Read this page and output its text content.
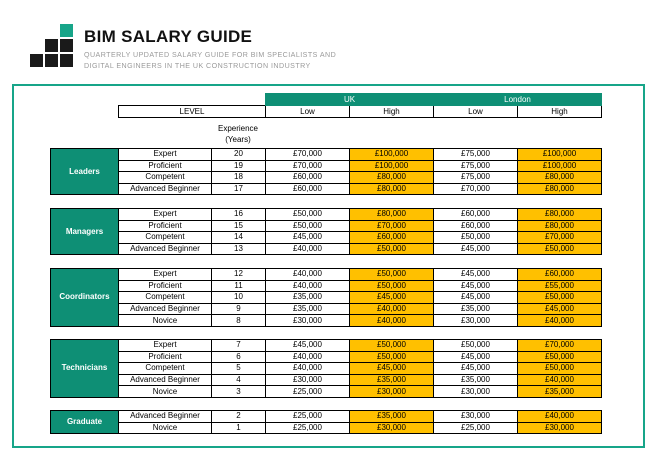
BIM SALARY GUIDE
QUARTERLY UPDATED SALARY GUIDE FOR BIM SPECIALISTS AND
DIGITAL ENGINEERS IN THE UK CONSTRUCTION INDUSTRY
	UK		London	
LEVEL	Low	High	Low	High
Experience
(Years)
Leaders	Expert	20	£70,000	£100,000	£75,000	£100,000
	Proficient	19	£70,000	£100,000	£75,000	£100,000
	Competent	18	£60,000	£80,000	£75,000	£80,000
	Advanced Beginner	17	£60,000	£80,000	£70,000	£80,000
Managers	Expert	16	£50,000	£80,000	£60,000	£80,000
	Proficient	15	£50,000	£70,000	£60,000	£80,000
	Competent	14	£45,000	£60,000	£50,000	£70,000
	Advanced Beginner	13	£40,000	£50,000	£45,000	£50,000
Coordinators	Expert	12	£40,000	£50,000	£45,000	£60,000
	Proficient	11	£40,000	£50,000	£45,000	£55,000
	Competent	10	£35,000	£45,000	£45,000	£50,000
	Advanced Beginner	9	£35,000	£40,000	£35,000	£45,000
	Novice	8	£30,000	£40,000	£30,000	£40,000
Technicians	Expert	7	£45,000	£50,000	£50,000	£70,000
	Proficient	6	£40,000	£50,000	£45,000	£50,000
	Competent	5	£40,000	£45,000	£45,000	£50,000
	Advanced Beginner	4	£30,000	£35,000	£35,000	£40,000
	Novice	3	£25,000	£30,000	£30,000	£35,000
Graduate	Advanced Beginner	2	£25,000	£35,000	£30,000	£40,000
	Novice	1	£25,000	£30,000	£25,000	£30,000
